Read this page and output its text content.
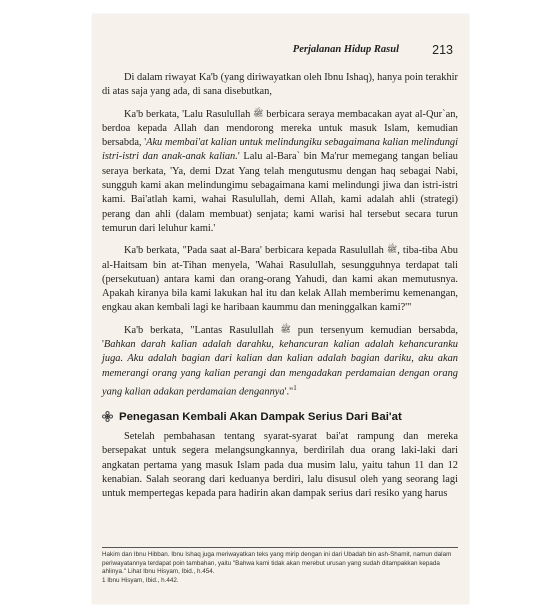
Perjalanan Hidup Rasul	213

Di dalam riwayat Ka'b (yang diriwayatkan oleh Ibnu Ishaq), hanya poin terakhir di atas saja yang ada, di sana disebutkan,

Ka'b berkata, 'Lalu Rasulullah ﷺ berbicara seraya membacakan ayat al-Qur`an, berdoa kepada Allah dan mendorong mereka untuk masuk Islam, kemudian bersabda, 'Aku membai'at kalian untuk melindungiku sebagaimana kalian melindungi istri-istri dan anak-anak kalian.' Lalu al-Bara` bin Ma'rur memegang tangan beliau seraya berkata, 'Ya, demi Dzat Yang telah mengutusmu dengan haq sebagai Nabi, sungguh kami akan melindungimu sebagaimana kami melindungi jiwa dan istri-istri kami. Bai'atlah kami, wahai Rasulullah, demi Allah, kami adalah ahli (strategi) perang dan ahli (dalam membuat) senjata; kami warisi hal tersebut secara turun temurun dari leluhur kami.'

Ka'b berkata, "Pada saat al-Bara' berbicara kepada Rasulullah ﷺ, tiba-tiba Abu al-Haitsam bin at-Tihan menyela, 'Wahai Rasulullah, sesungguhnya terdapat tali (persekutuan) antara kami dan orang-orang Yahudi, dan kami akan memutusnya. Apakah kiranya bila kami lakukan hal itu dan kelak Allah memberimu kemenangan, engkau akan kembali lagi ke haribaan kaummu dan meninggalkan kami?'"

Ka'b berkata, "Lantas Rasulullah ﷺ pun tersenyum kemudian bersabda, 'Bahkan darah kalian adalah darahku, kehancuran kalian adalah kehancuranku juga. Aku adalah bagian dari kalian dan kalian adalah bagian dariku, aku akan memerangi orang yang kalian perangi dan mengadakan perdamaian dengan orang yang kalian adakan perdamaian dengannya'."$^1$

Penegasan Kembali Akan Dampak Serius Dari Bai'at

Setelah pembahasan tentang syarat-syarat bai'at rampung dan mereka bersepakat untuk segera melangsungkannya, berdirilah dua orang laki-laki dari angkatan pertama yang masuk Islam pada dua musim lalu, yaitu tahun 11 dan 12 kenabian. Salah seorang dari keduanya berdiri, lalu disusul oleh yang seorang lagi untuk mempertegas kepada para hadirin akan dampak serius dari resiko yang harus

Hakim dan Ibnu Hibban. Ibnu Ishaq juga meriwayatkan teks yang mirip dengan ini dari Ubadah bin ash-Shamit, namun dalam periwayatannya terdapat poin tambahan, yaitu "Bahwa kami tidak akan merebut urusan yang sudah ditampakkan kepada ahlinya." Lihat Ibnu Hisyam, Ibid., h.454.

1 Ibnu Hisyam, Ibid., h.442.
